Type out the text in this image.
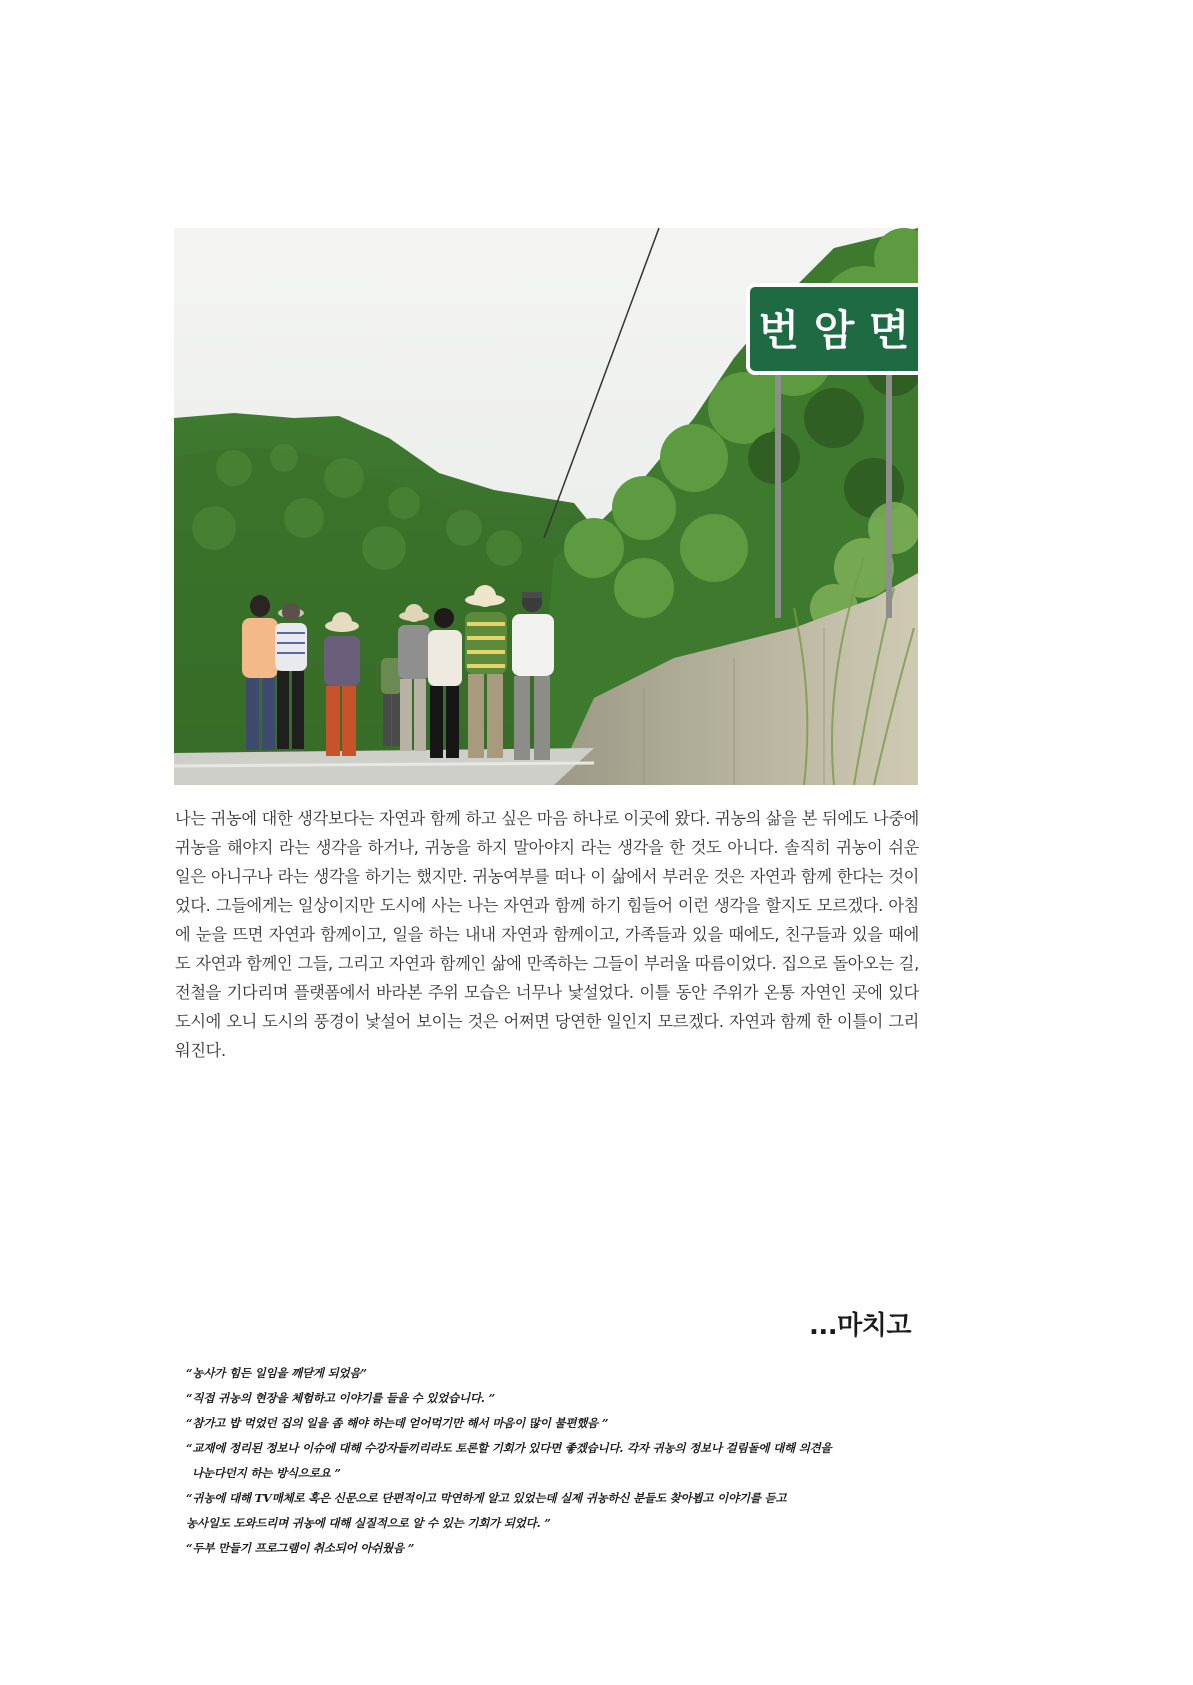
번 암 면

나는 귀농에 대한 생각보다는 자연과 함께 하고 싶은 마음 하나로 이곳에 왔다. 귀농의 삶을 본 뒤에도 나중에 귀농을 해야지 라는 생각을 하거나, 귀농을 하지 말아야지 라는 생각을 한 것도 아니다. 솔직히 귀농이 쉬운 일은 아니구나 라는 생각을 하기는 했지만. 귀농여부를 떠나 이 삶에서 부러운 것은 자연과 함께 한다는 것이었다. 그들에게는 일상이지만 도시에 사는 나는 자연과 함께 하기 힘들어 이런 생각을 할지도 모르겠다. 아침에 눈을 뜨면 자연과 함께이고, 일을 하는 내내 자연과 함께이고, 가족들과 있을 때에도, 친구들과 있을 때에도 자연과 함께인 그들, 그리고 자연과 함께인 삶에 만족하는 그들이 부러울 따름이었다. 집으로 돌아오는 길, 전철을 기다리며 플랫폼에서 바라본 주위 모습은 너무나 낯설었다. 이틀 동안 주위가 온통 자연인 곳에 있다 도시에 오니 도시의 풍경이 낯설어 보이는 것은 어쩌면 당연한 일인지 모르겠다. 자연과 함께 한 이틀이 그리워진다.

...마치고
“농사가 힘든 일임을 깨닫게 되었음”
“직접 귀농의 현장을 체험하고 이야기를 들을 수 있었습니다. ”
“참가고 밥 먹었던 집의 일을 좀 해야 하는데 얻어먹기만 해서 마음이 많이 불편했음 ”
“교재에 정리된 정보나 이슈에 대해 수강자들끼리라도 토론할 기회가 있다면 좋겠습니다. 각자 귀농의 정보나 걸림돌에 대해 의견을
나눈다던지 하는 방식으로요 ”
“귀농에 대해 TV매체로 혹은 신문으로 단편적이고 막연하게 알고 있었는데 실제 귀농하신 분들도 찾아뵙고 이야기를 듣고
농사일도 도와드리며 귀농에 대해 실질적으로 알 수 있는 기회가 되었다. ”
“두부 만들기 프로그램이 취소되어 아쉬웠음 ”
